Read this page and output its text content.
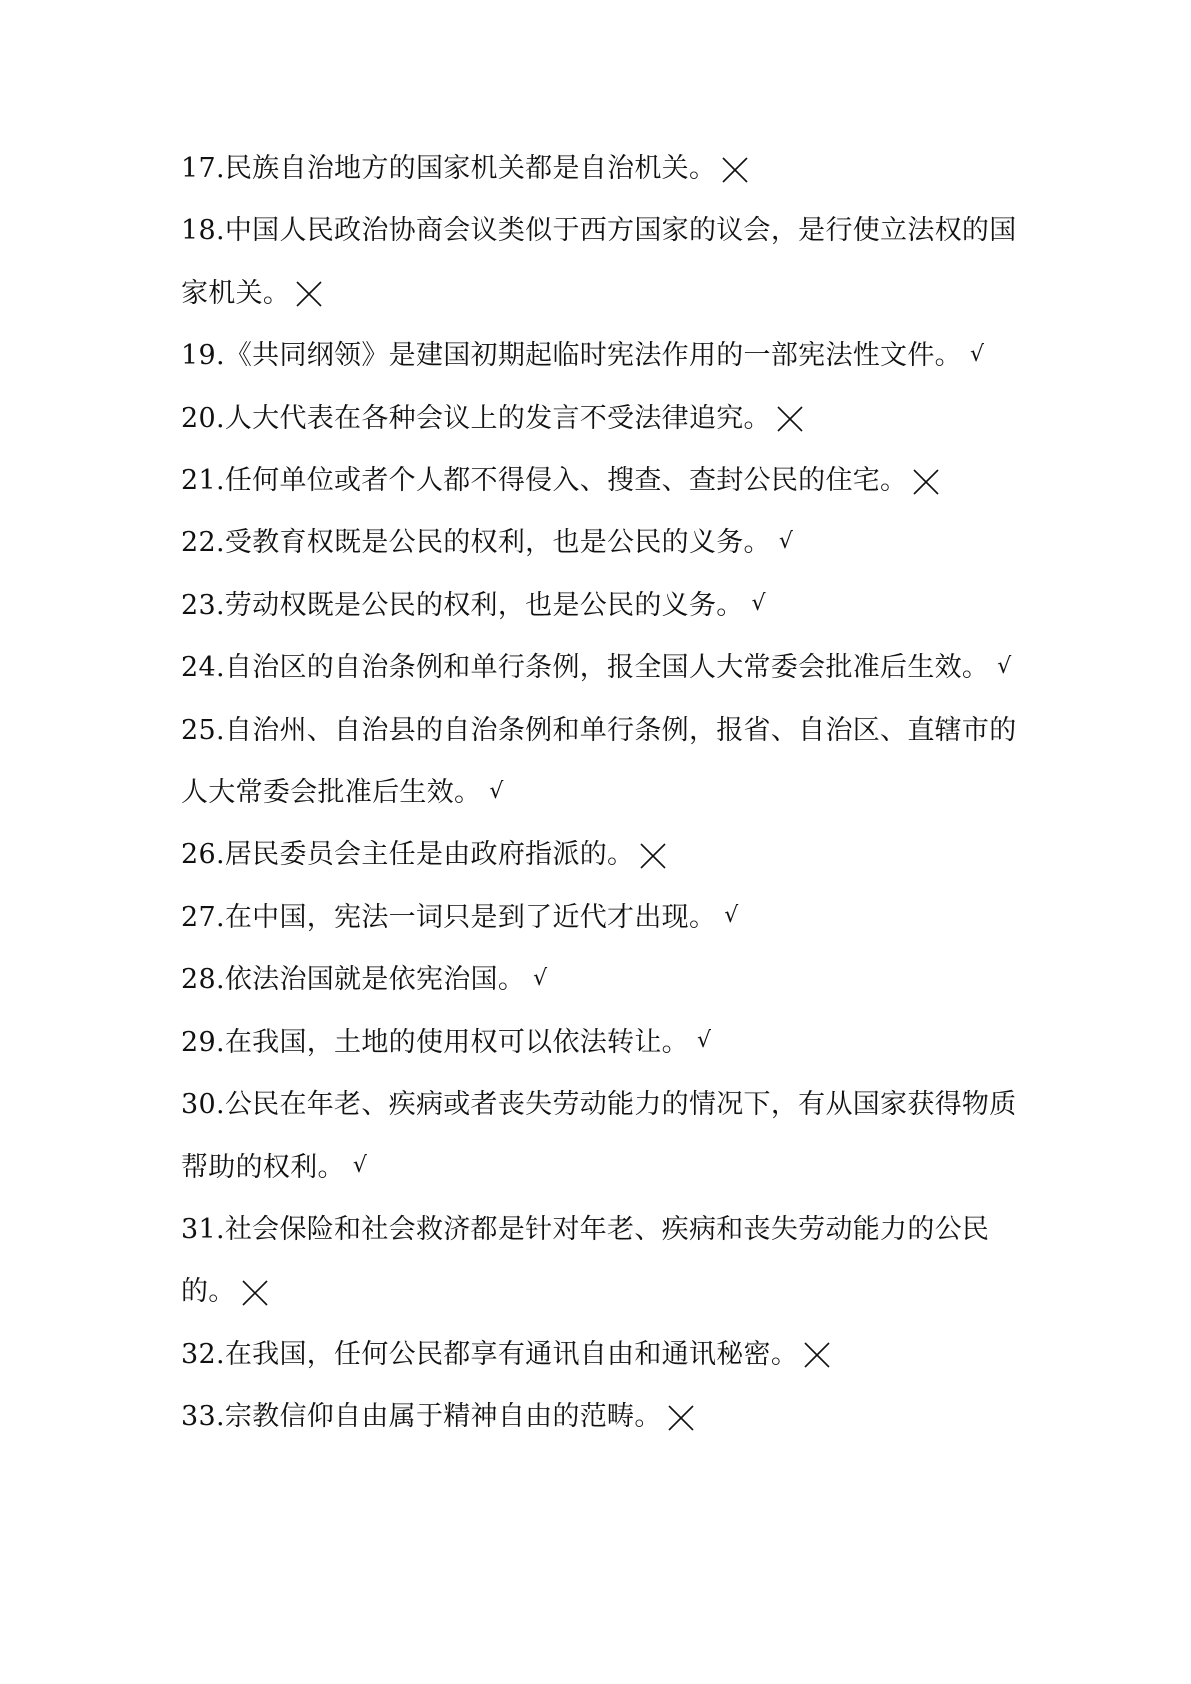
17.民族自治地方的国家机关都是自治机关。

18.中国人民政治协商会议类似于西方国家的议会，是行使立法权的国家机关。

19.《共同纲领》是建国初期起临时宪法作用的一部宪法性文件。 √

20.人大代表在各种会议上的发言不受法律追究。

21.任何单位或者个人都不得侵入、搜查、查封公民的住宅。

22.受教育权既是公民的权利，也是公民的义务。 √

23.劳动权既是公民的权利，也是公民的义务。 √

24.自治区的自治条例和单行条例，报全国人大常委会批准后生效。 √

25.自治州、自治县的自治条例和单行条例，报省、自治区、直辖市的人大常委会批准后生效。 √

26.居民委员会主任是由政府指派的。

27.在中国，宪法一词只是到了近代才出现。 √

28.依法治国就是依宪治国。 √

29.在我国，土地的使用权可以依法转让。 √

30.公民在年老、疾病或者丧失劳动能力的情况下，有从国家获得物质帮助的权利。 √

31.社会保险和社会救济都是针对年老、疾病和丧失劳动能力的公民的。

32.在我国，任何公民都享有通讯自由和通讯秘密。

33.宗教信仰自由属于精神自由的范畴。
